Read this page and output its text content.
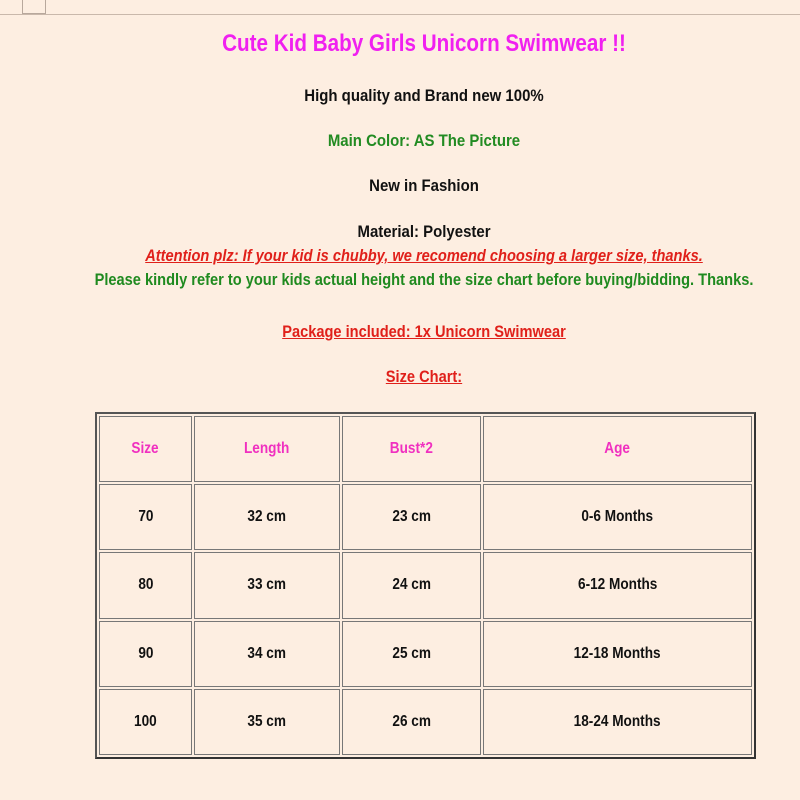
Cute Kid Baby Girls Unicorn Swimwear !!
High quality and Brand new 100%
Main Color: AS The Picture
New in Fashion
Material: Polyester
Attention plz: If your kid is chubby, we recomend choosing a larger size, thanks.
Please kindly refer to your kids actual height and the size chart before buying/bidding. Thanks.
Package included: 1x Unicorn Swimwear
Size Chart:
Size	Length	Bust*2	Age
70	32 cm	23 cm	0-6 Months
80	33 cm	24 cm	6-12 Months
90	34 cm	25 cm	12-18 Months
100	35 cm	26 cm	18-24 Months
